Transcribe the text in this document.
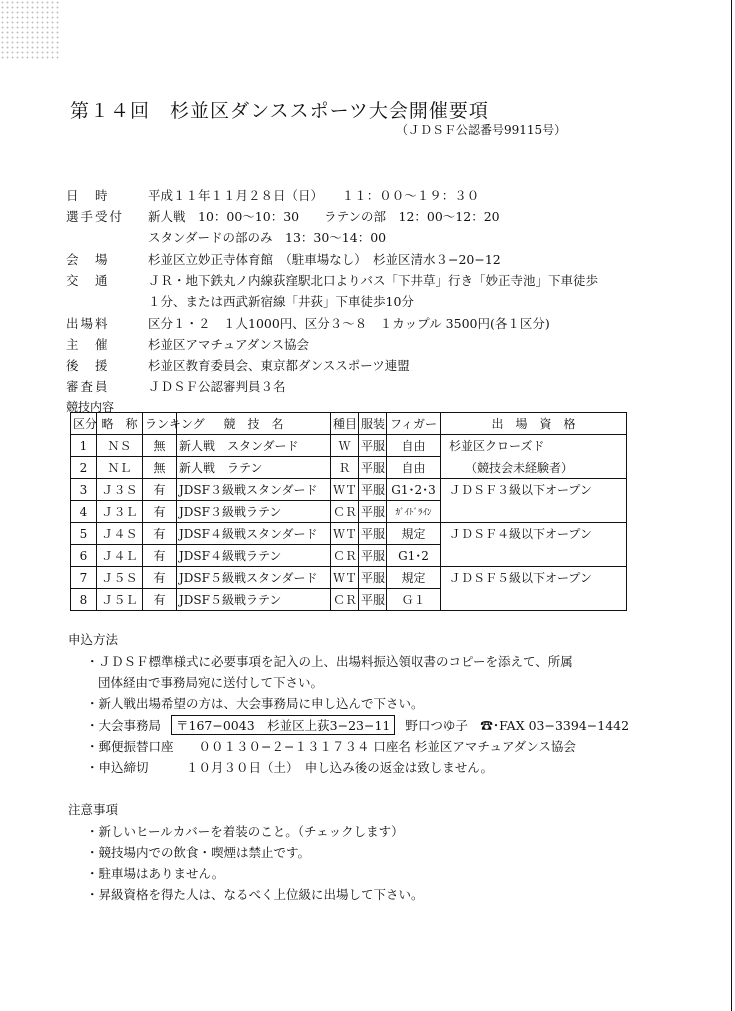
第１４回　杉並区ダンススポーツ大会開催要項
（ＪＤＳＦ公認番号99115号）
日　時	平成１１年１１月２８日（日）　　１１：００〜１９：３０
選手受付	新人戦　10：00〜10：30　　ラテンの部　12：00〜12：20
スタンダードの部のみ　13：30〜14：00
会　場	杉並区立妙正寺体育館　（駐車場なし）　杉並区清水３−20−12
交　通	ＪＲ・地下鉄丸ノ内線荻窪駅北口よりバス「下井草」行き「妙正寺池」下車徒歩
１分、または西武新宿線「井荻」下車徒歩10分
出場料	区分１・２　１人1000円、区分３〜８　１カップル 3500円(各１区分)
主　催	杉並区アマチュアダンス協会
後　援	杉並区教育委員会、東京都ダンススポーツ連盟
審査員	ＪＤＳＦ公認審判員３名
競技内容
区分	略　称	ランキング	競　技　名	種目	服装	フィガー	出　場　資　格
1	ＮＳ	無	新人戦　スタンダード	Ｗ	平服	自由	杉並区クローズド
2	ＮＬ	無	新人戦　ラテン	Ｒ	平服	自由	（競技会未経験者）
3	Ｊ３Ｓ	有	JDSF３級戦スタンダード	ＷＴ	平服	G1･2･3	ＪＤＳＦ３級以下オープン
4	Ｊ３Ｌ	有	JDSF３級戦ラテン	ＣＲ	平服	ｶﾞｲﾄﾞﾗｲﾝ	
5	Ｊ４Ｓ	有	JDSF４級戦スタンダード	ＷＴ	平服	規定	ＪＤＳＦ４級以下オープン
6	Ｊ４Ｌ	有	JDSF４級戦ラテン	ＣＲ	平服	G1･2	
7	Ｊ５Ｓ	有	JDSF５級戦スタンダード	ＷＴ	平服	規定	ＪＤＳＦ５級以下オープン
8	Ｊ５Ｌ	有	JDSF５級戦ラテン	ＣＲ	平服	Ｇ１	
申込方法
・ＪＤＳＦ標準様式に必要事項を記入の上、出場料振込領収書のコピーを添えて、所属
団体経由で事務局宛に送付して下さい。
・新人戦出場希望の方は、大会事務局に申し込んで下さい。
・大会事務局 〒167−0043　杉並区上荻3−23−11 野口つゆ子　☎･FAX 03−3394−1442
・郵便振替口座　　００１３０−２−１３１７３４ 口座名 杉並区アマチュアダンス協会
・申込締切　　　１０月３０日（土）　申し込み後の返金は致しません。
注意事項
・新しいヒールカバーを着装のこと。（チェックします）
・競技場内での飲食・喫煙は禁止です。
・駐車場はありません。
・昇級資格を得た人は、なるべく上位級に出場して下さい。
